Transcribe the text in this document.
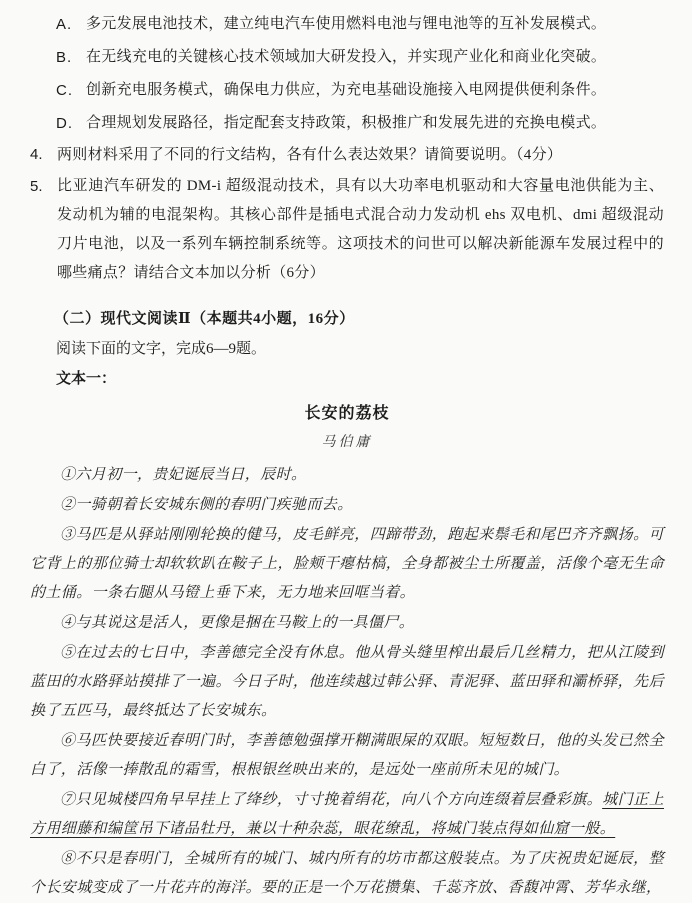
A. 多元发展电池技术，建立纯电汽车使用燃料电池与锂电池等的互补发展模式。
B. 在无线充电的关键核心技术领域加大研发投入，并实现产业化和商业化突破。
C. 创新充电服务模式，确保电力供应，为充电基础设施接入电网提供便利条件。
D. 合理规划发展路径，指定配套支持政策，积极推广和发展先进的充换电模式。
4. 两则材料采用了不同的行文结构，各有什么表达效果？请简要说明。（4分）
5. 比亚迪汽车研发的 DM-i 超级混动技术，具有以大功率电机驱动和大容量电池供能为主、发动机为辅的电混架构。其核心部件是插电式混合动力发动机 ehs 双电机、dmi 超级混动刀片电池，以及一系列车辆控制系统等。这项技术的问世可以解决新能源车发展过程中的哪些痛点？请结合文本加以分析（6分）
（二）现代文阅读Ⅱ（本题共4小题，16分）

阅读下面的文字，完成6—9题。

文本一：

长安的荔枝

马伯庸

①六月初一，贵妃诞辰当日，辰时。

②一骑朝着长安城东侧的春明门疾驰而去。

③马匹是从驿站刚刚轮换的健马，皮毛鲜亮，四蹄带劲，跑起来鬃毛和尾巴齐齐飘扬。可它背上的那位骑士却软软趴在鞍子上，脸颊干瘪枯槁，全身都被尘土所覆盖，活像个毫无生命的土俑。一条右腿从马镫上垂下来，无力地来回哐当着。

④与其说这是活人，更像是捆在马鞍上的一具僵尸。

⑤在过去的七日中，李善德完全没有休息。他从骨头缝里榨出最后几丝精力，把从江陵到蓝田的水路驿站摸排了一遍。今日子时，他连续越过韩公驿、青泥驿、蓝田驿和灞桥驿，先后换了五匹马，最终抵达了长安城东。

⑥马匹快要接近春明门时，李善德勉强撑开糊满眼屎的双眼。短短数日，他的头发已然全白了，活像一捧散乱的霜雪，根根银丝映出来的，是远处一座前所未见的城门。

⑦只见城楼四角早早挂上了绛纱，寸寸挽着绢花，向八个方向连缀着层叠彩旗。城门正上方用细藤和编筐吊下诸品牡丹，兼以十种杂蕊，眼花缭乱，将城门装点得如仙窟一般。

⑧不只是春明门，全城所有的城门、城内所有的坊市都这般装点。为了庆祝贵妃诞辰，整个长安城变成了一片花卉的海洋。要的正是一个万花攒集、千蕊齐放、香馥冲霄、芳华永继，
